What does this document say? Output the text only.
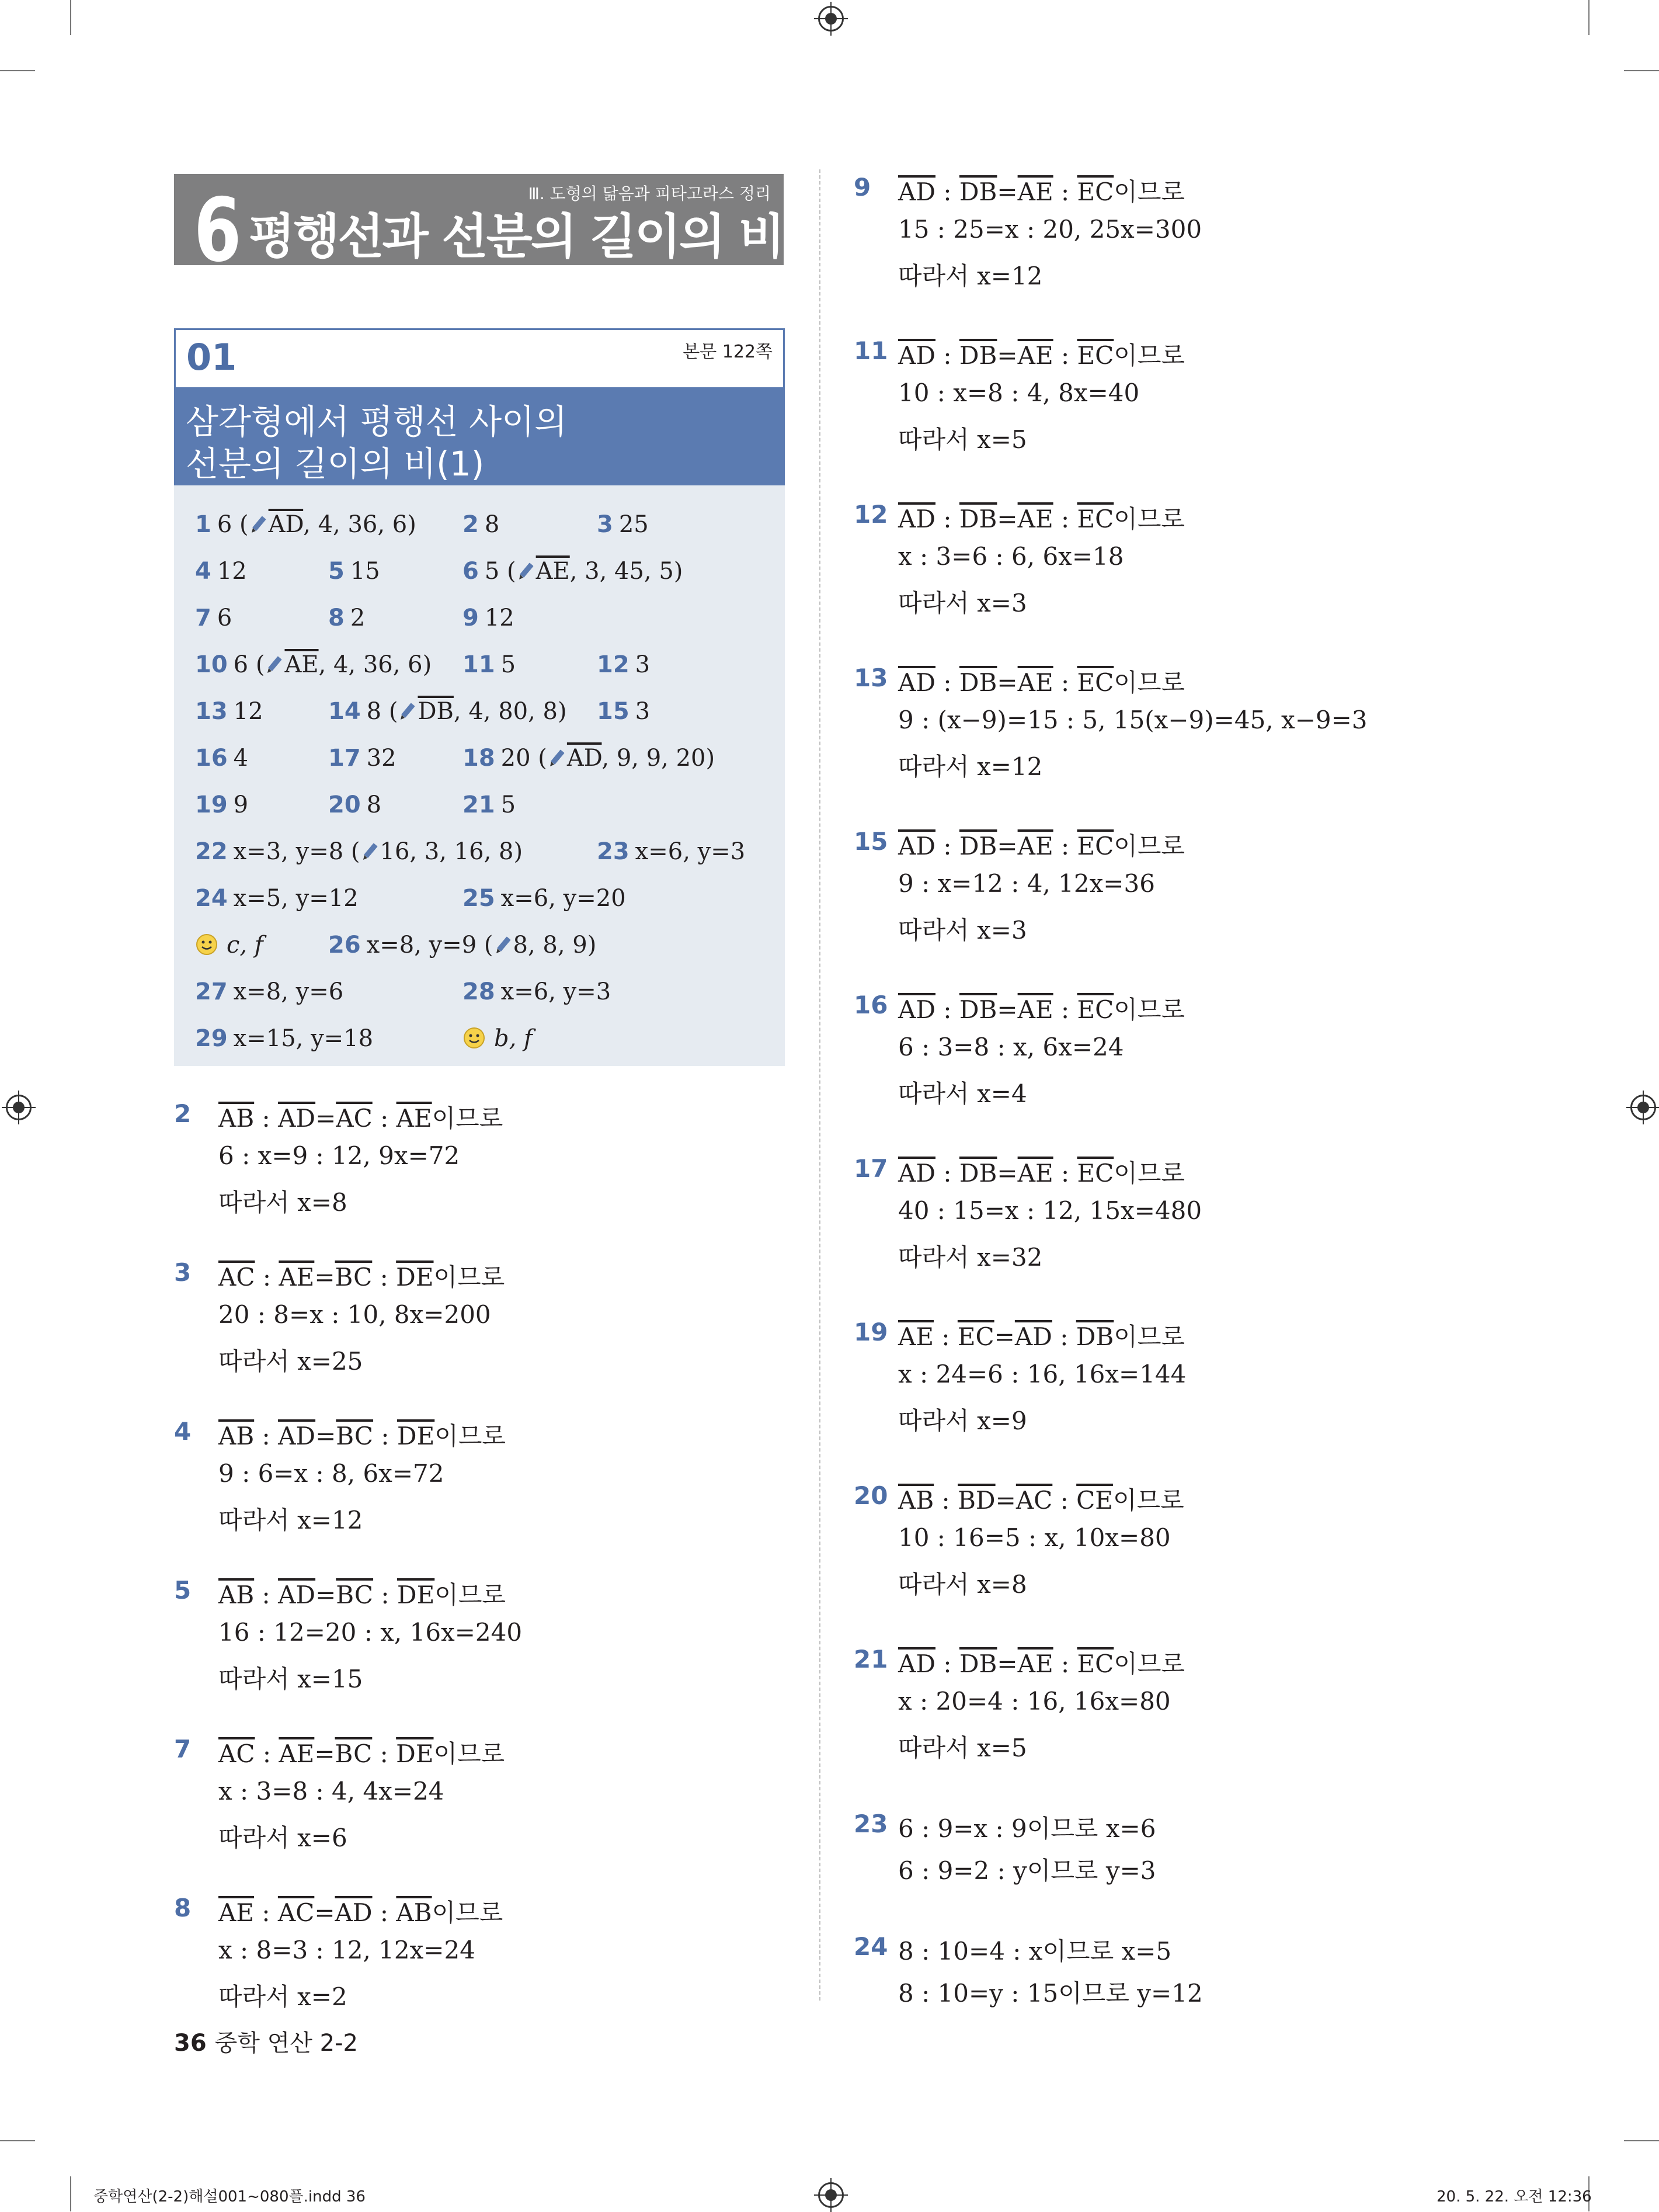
6 평행선과 선분의 길이의 비
Ⅲ. 도형의 닮음과 피타고라스 정리
01	본문 122쪽
삼각형에서 평행선 사이의
선분의 길이의 비(1)
1 6 ( $\overline{AD}$, 4, 36, 6) 2 8	3 25
4 12	5 15	6 5 ( $\overline{AE}$, 3, 45, 5)
7 6	8 2	9 12
10 6 ( $\overline{AE}$, 4, 36, 6) 11 5	12 3
13 12	14 8 ( $\overline{DB}$, 4, 80, 8) 15 3
16 4	17 32	18 20 ( $\overline{AD}$, 9, 9, 20)
19 9	20 8	21 5
22 x=3, y=8 ( 16, 3, 16, 8)	23 x=6, y=3
24 x=5, y=12	25 x=6, y=20
c, f	26 x=8, y=9 ( 8, 8, 9)
27 x=8, y=6	28 x=6, y=3
29 x=15, y=18	b, f
2 $\overline{AB}$ : $\overline{AD}=\overline{AC}$ : $\overline{AE}$이므로
6 : x=9 : 12, 9x=72
따라서 x=8
3 $\overline{AC}$ : $\overline{AE}=\overline{BC}$ : $\overline{DE}$이므로
20 : 8=x : 10, 8x=200
따라서 x=25
4 $\overline{AB}$ : $\overline{AD}=\overline{BC}$ : $\overline{DE}$이므로
9 : 6=x : 8, 6x=72
따라서 x=12
5 $\overline{AB}$ : $\overline{AD}=\overline{BC}$ : $\overline{DE}$이므로
16 : 12=20 : x, 16x=240
따라서 x=15
7 $\overline{AC}$ : $\overline{AE}=\overline{BC}$ : $\overline{DE}$이므로
x : 3=8 : 4, 4x=24
따라서 x=6
8 $\overline{AE}$ : $\overline{AC}=\overline{AD}$ : $\overline{AB}$이므로
x : 8=3 : 12, 12x=24
따라서 x=2
9 $\overline{AD}$ : $\overline{DB}=\overline{AE}$ : $\overline{EC}$이므로
15 : 25=x : 20, 25x=300
따라서 x=12
11 $\overline{AD}$ : $\overline{DB}=\overline{AE}$ : $\overline{EC}$이므로
10 : x=8 : 4, 8x=40
따라서 x=5
12 $\overline{AD}$ : $\overline{DB}=\overline{AE}$ : $\overline{EC}$이므로
x : 3=6 : 6, 6x=18
따라서 x=3
13 $\overline{AD}$ : $\overline{DB}=\overline{AE}$ : $\overline{EC}$이므로
9 : (x−9)=15 : 5, 15(x−9)=45, x−9=3
따라서 x=12
15 $\overline{AD}$ : $\overline{DB}=\overline{AE}$ : $\overline{EC}$이므로
9 : x=12 : 4, 12x=36
따라서 x=3
16 $\overline{AD}$ : $\overline{DB}=\overline{AE}$ : $\overline{EC}$이므로
6 : 3=8 : x, 6x=24
따라서 x=4
17 $\overline{AD}$ : $\overline{DB}=\overline{AE}$ : $\overline{EC}$이므로
40 : 15=x : 12, 15x=480
따라서 x=32
19 $\overline{AE}$ : $\overline{EC}=\overline{AD}$ : $\overline{DB}$이므로
x : 24=6 : 16, 16x=144
따라서 x=9
20 $\overline{AB}$ : $\overline{BD}=\overline{AC}$ : $\overline{CE}$이므로
10 : 16=5 : x, 10x=80
따라서 x=8
21 $\overline{AD}$ : $\overline{DB}=\overline{AE}$ : $\overline{EC}$이므로
x : 20=4 : 16, 16x=80
따라서 x=5
23 6 : 9=x : 9이므로 x=6
6 : 9=2 : y이므로 y=3
24 8 : 10=4 : x이므로 x=5
8 : 10=y : 15이므로 y=12
36 중학 연산 2-2
중학연산(2-2)해설001~080플.indd 36	20. 5. 22. 오전 12:36
